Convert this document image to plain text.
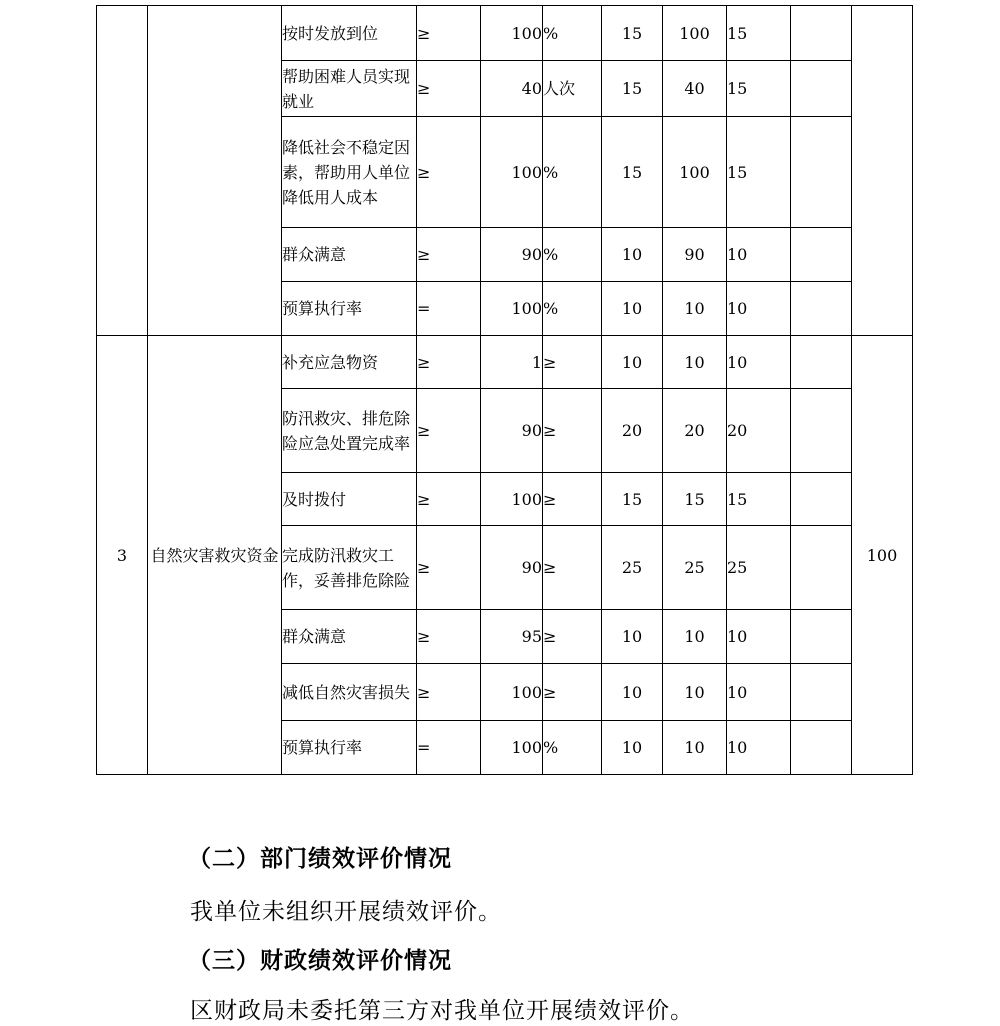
		按时发放到位	≥	100	%	15	100	15		
		帮助困难人员实现就业	≥	40	人次	15	40	15		
		降低社会不稳定因素，帮助用人单位降低用人成本	≥	100	%	15	100	15		
		群众满意	≥	90	%	10	90	10		
		预算执行率	=	100	%	10	10	10		
3	自然灾害救灾资金	补充应急物资	≥	1	≥	10	10	10		100
		防汛救灾、排危除险应急处置完成率	≥	90	≥	20	20	20		
		及时拨付	≥	100	≥	15	15	15		
		完成防汛救灾工作，妥善排危除险	≥	90	≥	25	25	25		
		群众满意	≥	95	≥	10	10	10		
		减低自然灾害损失	≥	100	≥	10	10	10		
		预算执行率	=	100	%	10	10	10		
（二）部门绩效评价情况
我单位未组织开展绩效评价。
（三）财政绩效评价情况
区财政局未委托第三方对我单位开展绩效评价。
